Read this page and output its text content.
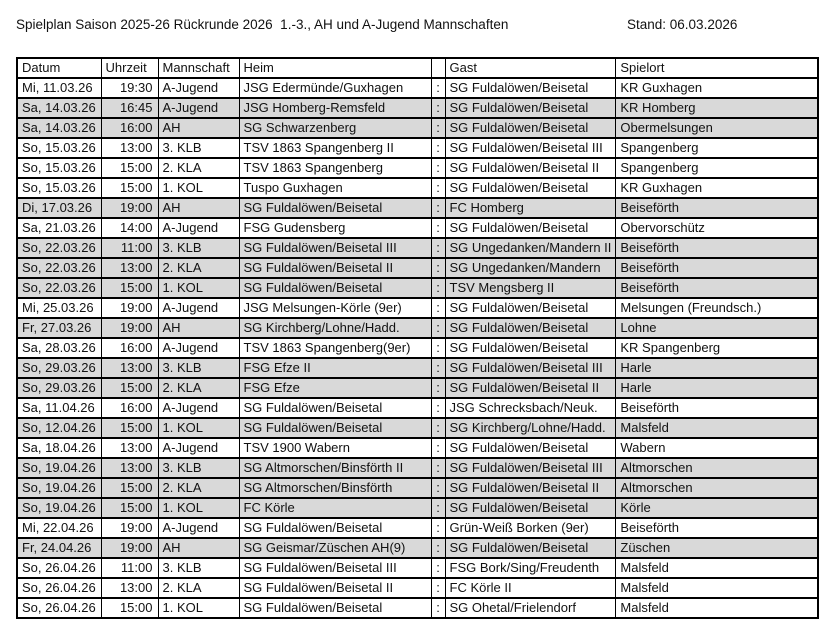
Spielplan Saison 2025-26 Rückrunde 2026  1.-3., AH und A-Jugend Mannschaften	Stand: 06.03.2026
Datum	Uhrzeit	Mannschaft	Heim		Gast	Spielort
Mi, 11.03.26	19:30	A-Jugend	JSG Edermünde/Guxhagen	:	SG Fuldalöwen/Beisetal	KR Guxhagen
Sa, 14.03.26	16:45	A-Jugend	JSG Homberg-Remsfeld	:	SG Fuldalöwen/Beisetal	KR Homberg
Sa, 14.03.26	16:00	AH	SG Schwarzenberg	:	SG Fuldalöwen/Beisetal	Obermelsungen
So, 15.03.26	13:00	3. KLB	TSV 1863 Spangenberg II	:	SG Fuldalöwen/Beisetal III	Spangenberg
So, 15.03.26	15:00	2. KLA	TSV 1863 Spangenberg	:	SG Fuldalöwen/Beisetal II	Spangenberg
So, 15.03.26	15:00	1. KOL	Tuspo Guxhagen	:	SG Fuldalöwen/Beisetal	KR Guxhagen
Di, 17.03.26	19:00	AH	SG Fuldalöwen/Beisetal	:	FC Homberg	Beiseförth
Sa, 21.03.26	14:00	A-Jugend	FSG Gudensberg	:	SG Fuldalöwen/Beisetal	Obervorschütz
So, 22.03.26	11:00	3. KLB	SG Fuldalöwen/Beisetal III	:	SG Ungedanken/Mandern II	Beiseförth
So, 22.03.26	13:00	2. KLA	SG Fuldalöwen/Beisetal II	:	SG Ungedanken/Mandern	Beiseförth
So, 22.03.26	15:00	1. KOL	SG Fuldalöwen/Beisetal	:	TSV Mengsberg II	Beiseförth
Mi, 25.03.26	19:00	A-Jugend	JSG Melsungen-Körle (9er)	:	SG Fuldalöwen/Beisetal	Melsungen (Freundsch.)
Fr, 27.03.26	19:00	AH	SG Kirchberg/Lohne/Hadd.	:	SG Fuldalöwen/Beisetal	Lohne
Sa, 28.03.26	16:00	A-Jugend	TSV 1863 Spangenberg(9er)	:	SG Fuldalöwen/Beisetal	KR Spangenberg
So, 29.03.26	13:00	3. KLB	FSG Efze II	:	SG Fuldalöwen/Beisetal III	Harle
So, 29.03.26	15:00	2. KLA	FSG Efze	:	SG Fuldalöwen/Beisetal II	Harle
Sa, 11.04.26	16:00	A-Jugend	SG Fuldalöwen/Beisetal	:	JSG Schrecksbach/Neuk.	Beiseförth
So, 12.04.26	15:00	1. KOL	SG Fuldalöwen/Beisetal	:	SG Kirchberg/Lohne/Hadd.	Malsfeld
Sa, 18.04.26	13:00	A-Jugend	TSV 1900 Wabern	:	SG Fuldalöwen/Beisetal	Wabern
So, 19.04.26	13:00	3. KLB	SG Altmorschen/Binsförth II	:	SG Fuldalöwen/Beisetal III	Altmorschen
So, 19.04.26	15:00	2. KLA	SG Altmorschen/Binsförth	:	SG Fuldalöwen/Beisetal II	Altmorschen
So, 19.04.26	15:00	1. KOL	FC Körle	:	SG Fuldalöwen/Beisetal	Körle
Mi, 22.04.26	19:00	A-Jugend	SG Fuldalöwen/Beisetal	:	Grün-Weiß Borken (9er)	Beiseförth
Fr, 24.04.26	19:00	AH	SG Geismar/Züschen AH(9)	:	SG Fuldalöwen/Beisetal	Züschen
So, 26.04.26	11:00	3. KLB	SG Fuldalöwen/Beisetal III	:	FSG Bork/Sing/Freudenth	Malsfeld
So, 26.04.26	13:00	2. KLA	SG Fuldalöwen/Beisetal II	:	FC Körle II	Malsfeld
So, 26.04.26	15:00	1. KOL	SG Fuldalöwen/Beisetal	:	SG Ohetal/Frielendorf	Malsfeld
